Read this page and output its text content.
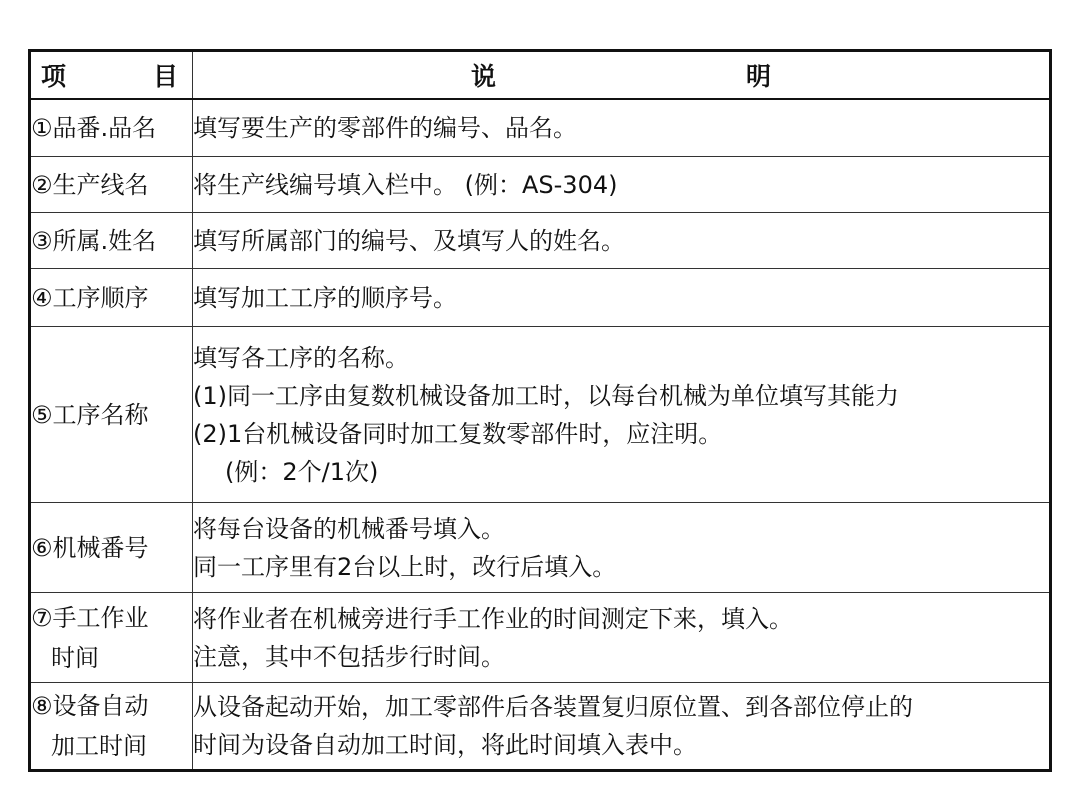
项 目	说 明

①品番.品名	填写要生产的零部件的编号、品名。

②生产线名	将生产线编号填入栏中。 (例：AS-304)

③所属.姓名	填写所属部门的编号、及填写人的姓名。

④工序顺序	填写加工工序的顺序号。

⑤工序名称	填写各工序的名称。
(1)同一工序由复数机械设备加工时，以每台机械为单位填写其能力
(2)1台机械设备同时加工复数零部件时，应注明。
(例：2个/1次)

⑥机械番号	将每台设备的机械番号填入。
同一工序里有2台以上时，改行后填入。

⑦手工作业
时间	将作业者在机械旁进行手工作业的时间测定下来，填入。
注意，其中不包括步行时间。

⑧设备自动
加工时间	从设备起动开始，加工零部件后各装置复归原位置、到各部位停止的
时间为设备自动加工时间，将此时间填入表中。
